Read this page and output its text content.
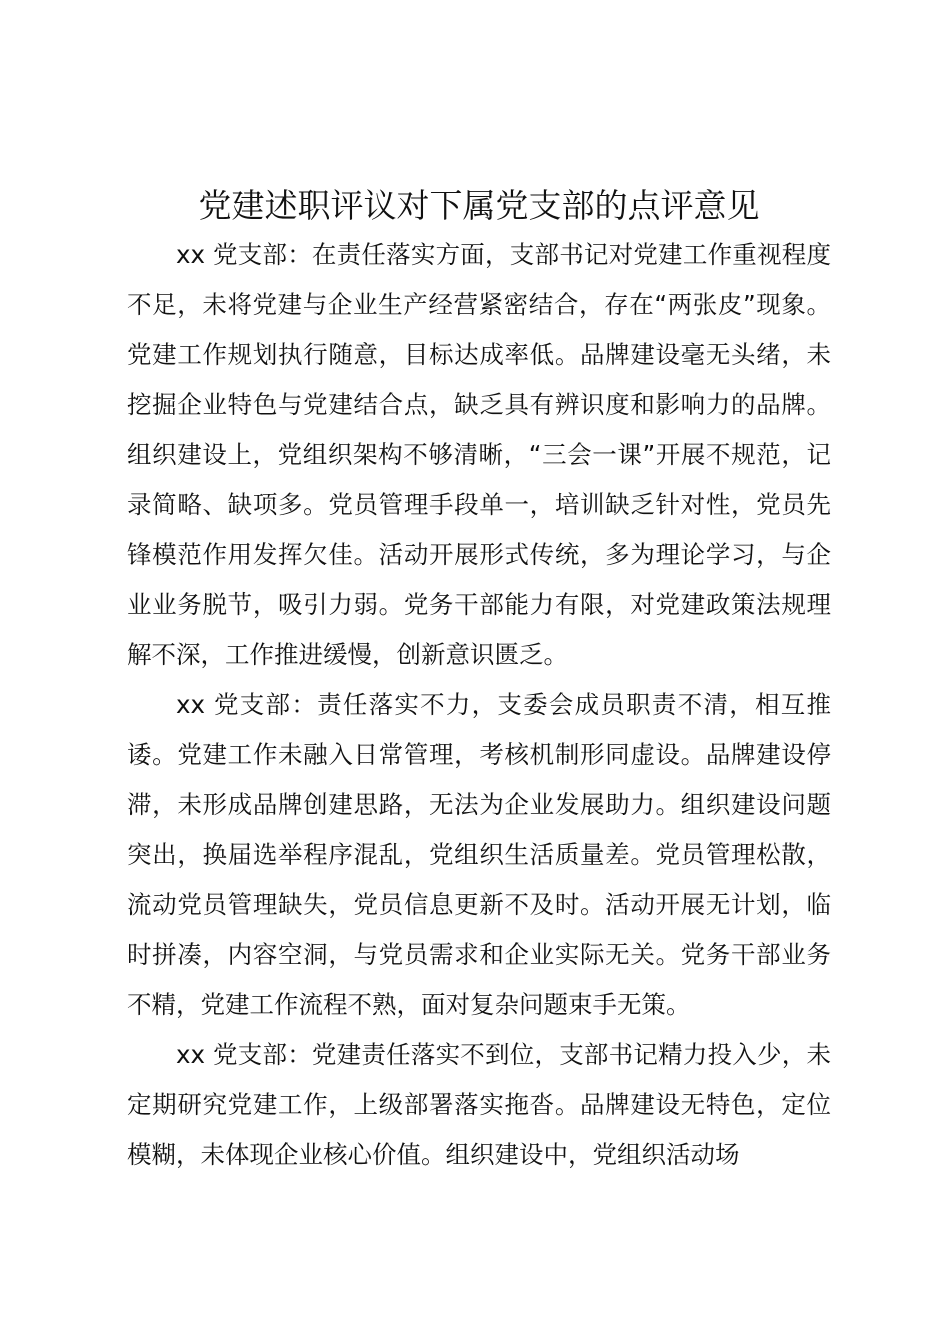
党建述职评议对下属党支部的点评意见

xx 党支部：在责任落实方面，支部书记对党建工作重视程度不足，未将党建与企业生产经营紧密结合，存在“两张皮”现象。党建工作规划执行随意，目标达成率低。品牌建设毫无头绪，未挖掘企业特色与党建结合点，缺乏具有辨识度和影响力的品牌。组织建设上，党组织架构不够清晰，“三会一课”开展不规范，记录简略、缺项多。党员管理手段单一，培训缺乏针对性，党员先锋模范作用发挥欠佳。活动开展形式传统，多为理论学习，与企业业务脱节，吸引力弱。党务干部能力有限，对党建政策法规理解不深，工作推进缓慢，创新意识匮乏。

xx 党支部：责任落实不力，支委会成员职责不清，相互推诿。党建工作未融入日常管理，考核机制形同虚设。品牌建设停滞，未形成品牌创建思路，无法为企业发展助力。组织建设问题突出，换届选举程序混乱，党组织生活质量差。党员管理松散，流动党员管理缺失，党员信息更新不及时。活动开展无计划，临时拼凑，内容空洞，与党员需求和企业实际无关。党务干部业务不精，党建工作流程不熟，面对复杂问题束手无策。

xx 党支部：党建责任落实不到位，支部书记精力投入少，未定期研究党建工作，上级部署落实拖沓。品牌建设无特色，定位模糊，未体现企业核心价值。组织建设中，党组织活动场
